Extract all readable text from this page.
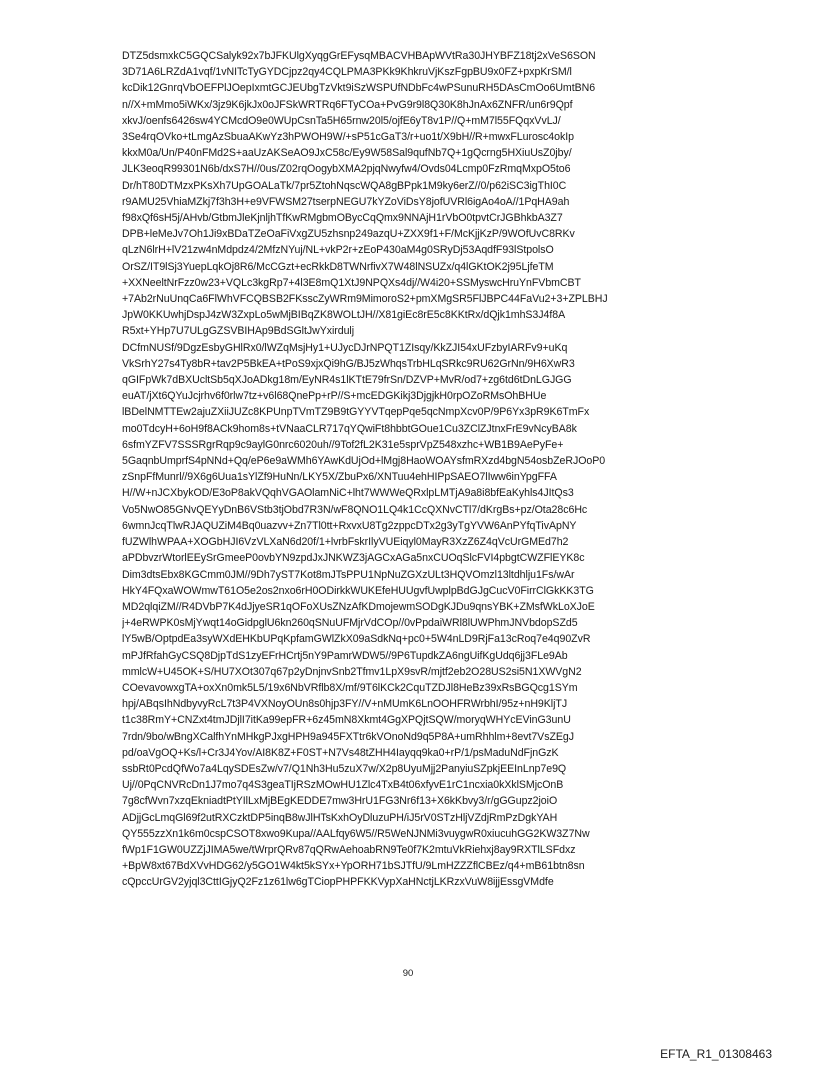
DTZ5dsmxkC5GQCSalyk92x7bJFKUlgXyqgGrEFysqMBACVHBApWVtRa30JHYBFZ18tj2xVeS6SON
3D71A6LRZdA1vqf/1vNITcTyGYDCjpz2qy4CQLPMA3PKk9KhkruVjKszFgpBU9x0FZ+pxpKrSM/l
kcDik12GnrqVbOEFPlJOepIxmtGCJEUbgTzVkt9iSzWSPUfNDbFc4wPSunuRH5DAsCmOo6UmtBN6
n//X+mMmo5iWKx/3jz9K6jkJx0oJFSkWRTRq6FTyCOa+PvG9r9l8Q30K8hJnAx6ZNFR/un6r9Qpf
xkvJ/oenfs6426sw4YCMcdO9e0WUpCsnTa5H65rnw20l5/ojfE6yT8v1P//Q+mM7l55FQqxVvLJ/
3Se4rqOVko+tLmgAzSbuaAKwYz3hPWOH9W/+sP51cGaT3/r+uo1t/X9bH//R+mwxFLurosc4okIp
kkxM0a/Un/P40nFMd2S+aaUzAKSeAO9JxC58c/Ey9W58Sal9qufNb7Q+1gQcrng5HXiuUsZ0jby/
JLK3eoqR99301N6b/dxS7H//0us/Z02rqOogybXMA2pjqNwyfw4/Ovds04Lcmp0FzRmqMxpO5to6
Dr/hT80DTMzxPKsXh7UpGOALaTk/7pr5ZtohNqscWQA8gBPpk1M9ky6erZ//0/p62iSC3igThI0C
r9AMU25VhiaMZkj7f3h3H+e9VFWSM27tserpNEGU7kYZoViDsY8jofUVRl6igAo4oA//1PqHA9ah
f98xQf6sH5j/AHvb/GtbmJleKjnljhTfKwRMgbmOBycCqQmx9NNAjH1rVbO0tpvtCrJGBhkbA3Z7
DPB+leMeJv7Oh1Ji9xBDaTZeOaFiVxgZU5zhsnp249azqU+ZXX9f1+F/McKjjKzP/9WOfUvC8RKv
qLzN6lrH+lV21zw4nMdpdz4/2MfzNYuj/NL+vkP2r+zEoP430aM4g0SRyDj53AqdfF93lStpolsO
OrSZ/IT9lSj3YuepLqkOj8R6/McCGzt+ecRkkD8TWNrfivX7W48lNSUZx/q4lGKtOK2j95LjfeTM
+XXNeeltNrFzz0w23+VQLc3kgRp7+4l3E8mQ1XtJ9NPQXs4dj//W4i20+SSMyswcHruYnFVbmCBT
+7Ab2rNuUnqCa6FlWhVFCQBSB2FKsscZyWRm9MimoroS2+pmXMgSR5FlJBPC44FaVu2+3+ZPLBHJ
JpW0KKUwhjDspJ4zW3ZxpLo5wMjBIBqZK8WOLtJH//X81giEc8rE5c8KKtRx/dQjk1mhS3J4f8A
R5xt+YHp7U7ULgGZSVBIHAp9BdSGltJwYxirdulj
DCfmNUSf/9DgzEsbyGHlRx0/lWZqMsjHy1+UJycDJrNPQT1ZIsqy/KkZJI54xUFzbyIARFv9+uKq
VkSrhY27s4Ty8bR+tav2P5BkEA+tPoS9xjxQi9hG/BJ5zWhqsTrbHLqSRkc9RU62GrNn/9H6XwR3
qGIFpWk7dBXUcltSb5qXJoADkg18m/EyNR4s1lKTtE79frSn/DZVP+MvR/od7+zg6td6tDnLGJGG
euAT/jXt6QYuJcjrhv6f0rlw7tz+v6l68QnePp+rP//S+mcEDGKikj3DjgjkH0rpOZoRMsOhBHUe
lBDelNMTTEw2ajuZXiiJUZc8KPUnpTVmTZ9B9tGYYVTqepPqe5qcNmpXcv0P/9P6Yx3pR9K6TmFx
mo0TdcyH+6oH9f8ACk9hom8s+tVNaaCLR717qYQwiFt8hbbtGOue1Cu3ZClZJtnxFrE9vNcyBA8k
6sfmYZFV7SSSRgrRqp9c9aylG0nrc6020uh//9Tof2fL2K31e5sprVpZ548xzhc+WB1B9AePyFe+
5GaqnbUmprfS4pNNd+Qq/eP6e9aWMh6YAwKdUjOd+lMgj8HaoWOAYsfmRXzd4bgN54osbZeRJOoP0
zSnpFfMunrl//9X6g6Uua1sYlZf9HuNn/LKY5X/ZbuPx6/XNTuu4ehHIPpSAEO7lIww6inYpgFFA
H//W+nJCXbykOD/E3oP8akVQqhVGAOlamNiC+lht7WWWeQRxlpLMTjA9a8i8bfEaKyhls4JItQs3
Vo5NwO85GNvQEYyDnB6VStb3tjObd7R3N/wF8QNO1LQ4k1CcQXNvCTl7/dKrgBs+pz/Ota28c6Hc
6wmnJcqTlwRJAQUZiM4Bq0uazvv+Zn7Tl0tt+RxvxU8Tg2zppcDTx2g3yTgYVW6AnPYfqTivApNY
fUZWlhWPAA+XOGbHJI6VzVLXaN6d20f/1+lvrbFskrIlyVUEiqyl0MayR3XzZ6Z4qVcUrGMEd7h2
aPDbvzrWtorlEEySrGmeeP0ovbYN9zpdJxJNKWZ3jAGCxAGa5nxCUOqSlcFVI4pbgtCWZFlEYK8c
Dim3dtsEbx8KGCmm0JM//9Dh7yST7Kot8mJTsPPU1NpNuZGXzULt3HQVOmzl13ltdhlju1Fs/wAr
HkY4FQxaWOWmwT61O5e2os2nxo6rH0ODirkkWUKEfeHUUgvfUwplpBdGJgCucV0FirrClGkKK3TG
MD2qlqiZM//R4DVbP7K4dJjyeSR1qOFoXUsZNzAfKDmojewmSODgKJDu9qnsYBK+ZMsfWkLoXJoE
j+4eRWPK0sMjYwqt14oGidpglU6kn260qSNuUFMjrVdCOp//0vPpdaiWRl8lUWPhmJNVbdopSZd5
lY5wB/OptpdEa3syWXdEHKbUPqKpfamGWlZkX09aSdkNq+pc0+5W4nLD9RjFa13cRoq7e4q90ZvR
mPJfRfahGyCSQ8DjpTdS1zyEFrHCrtj5nY9PamrWDW5//9P6TupdkZA6ngUifKgUdq6jj3FLe9Ab
mmlcW+U45OK+S/HU7XOt307q67p2yDnjnvSnb2Tfmv1LpX9svR/mjtf2eb2O28US2si5N1XWVgN2
COevavowxgTA+oxXn0mk5L5/19x6NbVRflb8X/mf/9T6lKCk2CquTZDJl8HeBz39xRsBGQcg1SYm
hpj/ABqsIhNdbyvyRcL7t3P4VXNoyOUn8s0hjp3FY//V+nMUmK6LnOOHFRWrbhI/95z+nH9KljTJ
t1c38RmY+CNZxt4tmJDjlI7itKa99epFR+6z45mN8Xkmt4GgXPQjtSQW/moryqWHYcEVinG3unU
7rdn/9bo/wBngXCalfhYnMHkgPJxgHPH9a945FXTtr6kVOnoNd9q5P8A+umRhhlm+8evt7VsZEgJ
pd/oaVgOQ+Ks/l+Cr3J4Yov/AI8K8Z+F0ST+N7Vs48tZHH4Iayqq9ka0+rP/1/psMaduNdFjnGzK
ssbRt0PcdQfWo7a4LqySDEsZw/v7/Q1Nh3Hu5zuX7w/X2p8UyuMjj2PanyiuSZpkjEEInLnp7e9Q
Uj//0PqCNVRcDn1J7mo7q4S3geaTIjRSzMOwHU1Zlc4TxB4t06xfyvE1rC1ncxia0kXklSMjcOnB
7g8cfWvn7xzqEkniadtPtYIlLxMjBEgKEDDE7mw3HrU1FG3Nr6f13+X6kKbvy3/r/gGGupz2joiO
ADjjGcLmqGl69f2utRXCzktDP5inqB8wJlHTsKxhOyDluzuPH/iJ5rV0STzHljVZdjRmPzDgkYAH
QY555zzXn1k6m0cspCSOT8xwo9Kupa//AALfqy6W5//R5WeNJNMi3vuygwR0xiucuhGG2KW3Z7Nw
fWp1F1GW0UZZjJIMA5we/tWrprQRv87qQRwAehoabRN9Te0f7K2mtuVkRiehxj8ay9RXTlLSFdxz
+BpW8xt67BdXVvHDG62/y5GO1W4kt5kSYx+YpORH71bSJTfU/9LmHZZZflCBEz/q4+mB61btn8sn
cQpccUrGV2yjql3CttIGjyQ2Fz1z61lw6gTCiopPHPFKKVypXaHNctjLKRzxVuW8ijjEssgVMdfe
90
EFTA_R1_01308463
